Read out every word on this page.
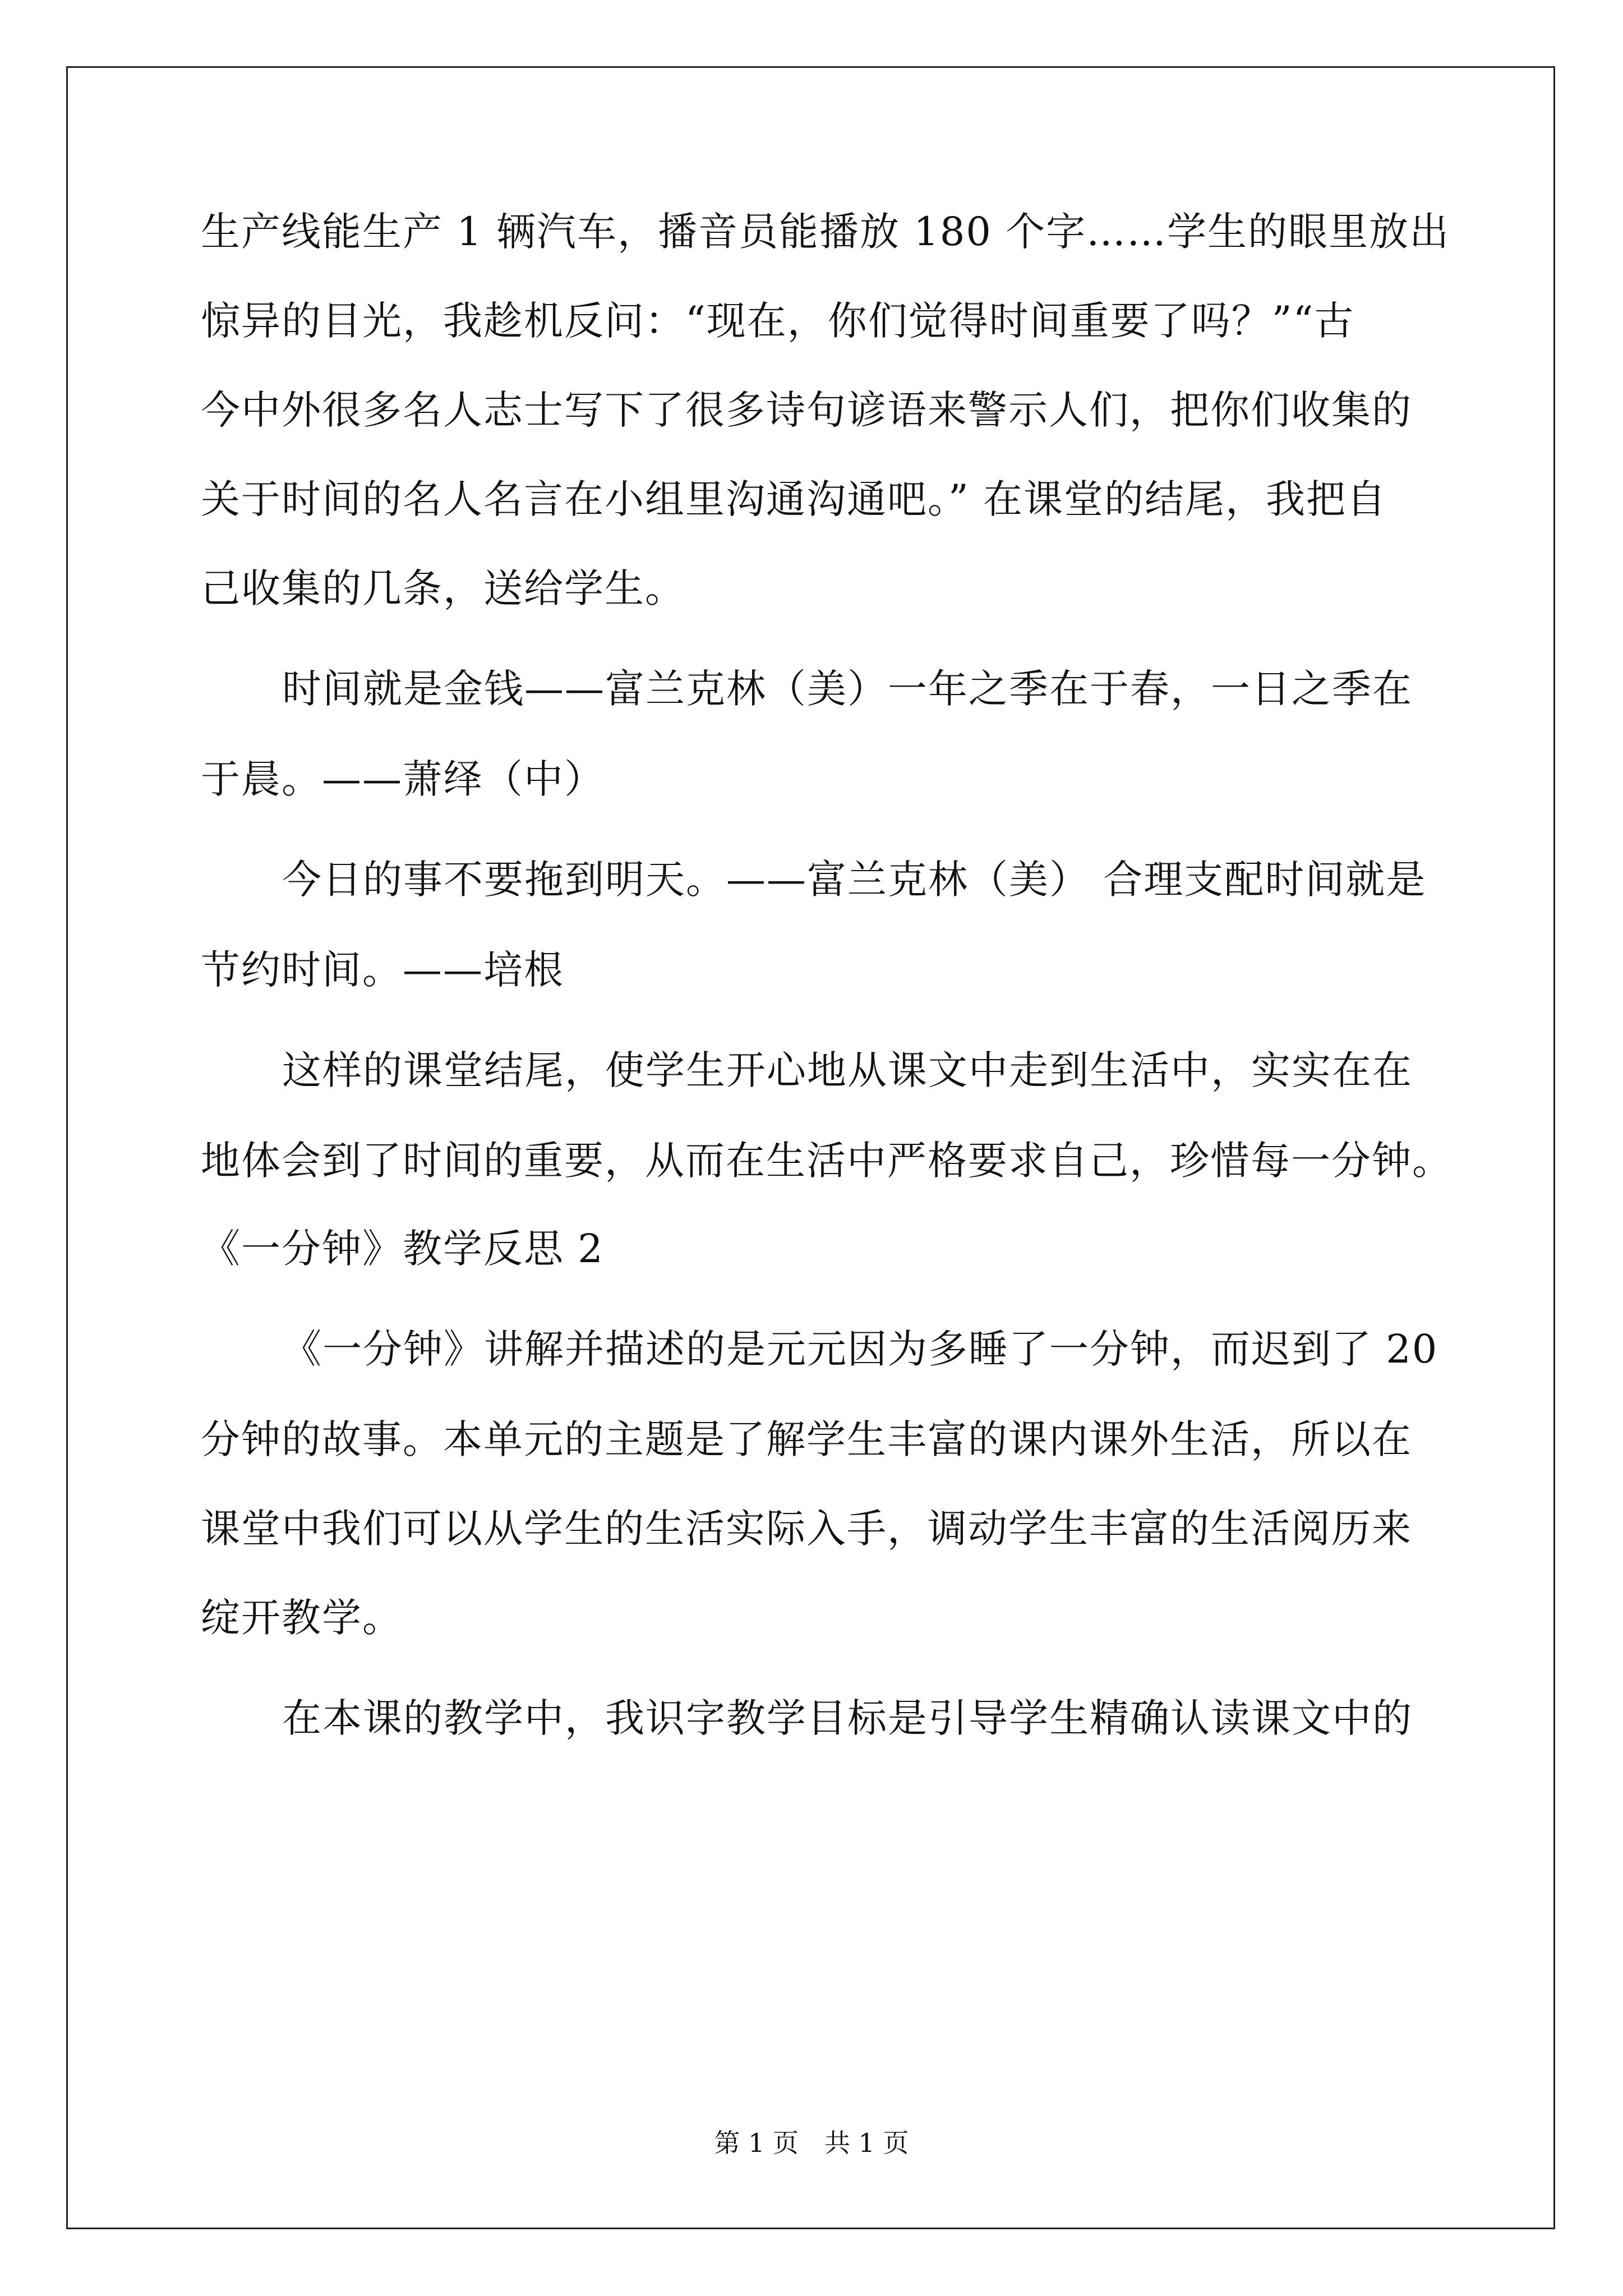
生产线能生产 1 辆汽车，播音员能播放 180 个字……学生的眼里放出
惊异的目光，我趁机反问：“现在，你们觉得时间重要了吗？”“古
今中外很多名人志士写下了很多诗句谚语来警示人们，把你们收集的
关于时间的名人名言在小组里沟通沟通吧。” 在课堂的结尾，我把自
己收集的几条，送给学生。
时间就是金钱——富兰克林（美）一年之季在于春，一日之季在
于晨。——萧绎（中）
今日的事不要拖到明天。——富兰克林（美） 合理支配时间就是
节约时间。——培根
这样的课堂结尾，使学生开心地从课文中走到生活中，实实在在
地体会到了时间的重要，从而在生活中严格要求自己，珍惜每一分钟。
《一分钟》教学反思 2
《一分钟》讲解并描述的是元元因为多睡了一分钟，而迟到了 20
分钟的故事。本单元的主题是了解学生丰富的课内课外生活，所以在
课堂中我们可以从学生的生活实际入手，调动学生丰富的生活阅历来
绽开教学。
在本课的教学中，我识字教学目标是引导学生精确认读课文中的
第 1 页　共 1 页
